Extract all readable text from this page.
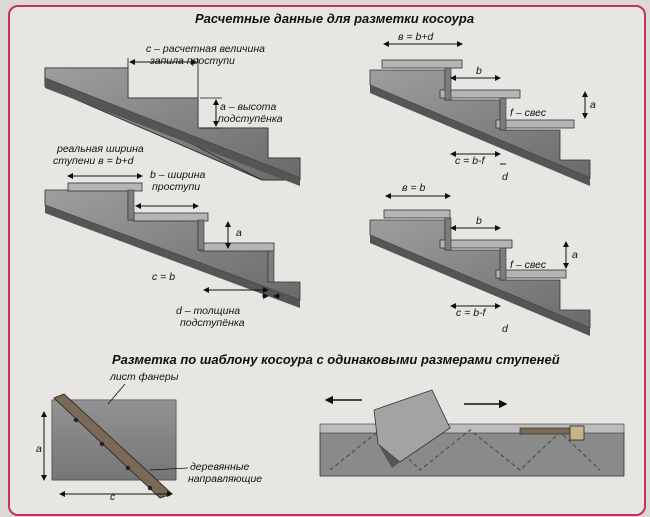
Расчетные данные для разметки косоура
Разметка по шаблону косоура с одинаковыми размерами ступеней
c – расчетная величина
запила проступи
a – высота
подступёнка
реальная ширина
ступени в = b+d
b – ширина
проступи
a
c = b
d – толщина
подступёнка
в = b+d
b
a
f – свес
c = b-f
d
в = b
b
a
f – свес
c = b-f
d
лист фанеры
a
деревянные
направляющие
c
